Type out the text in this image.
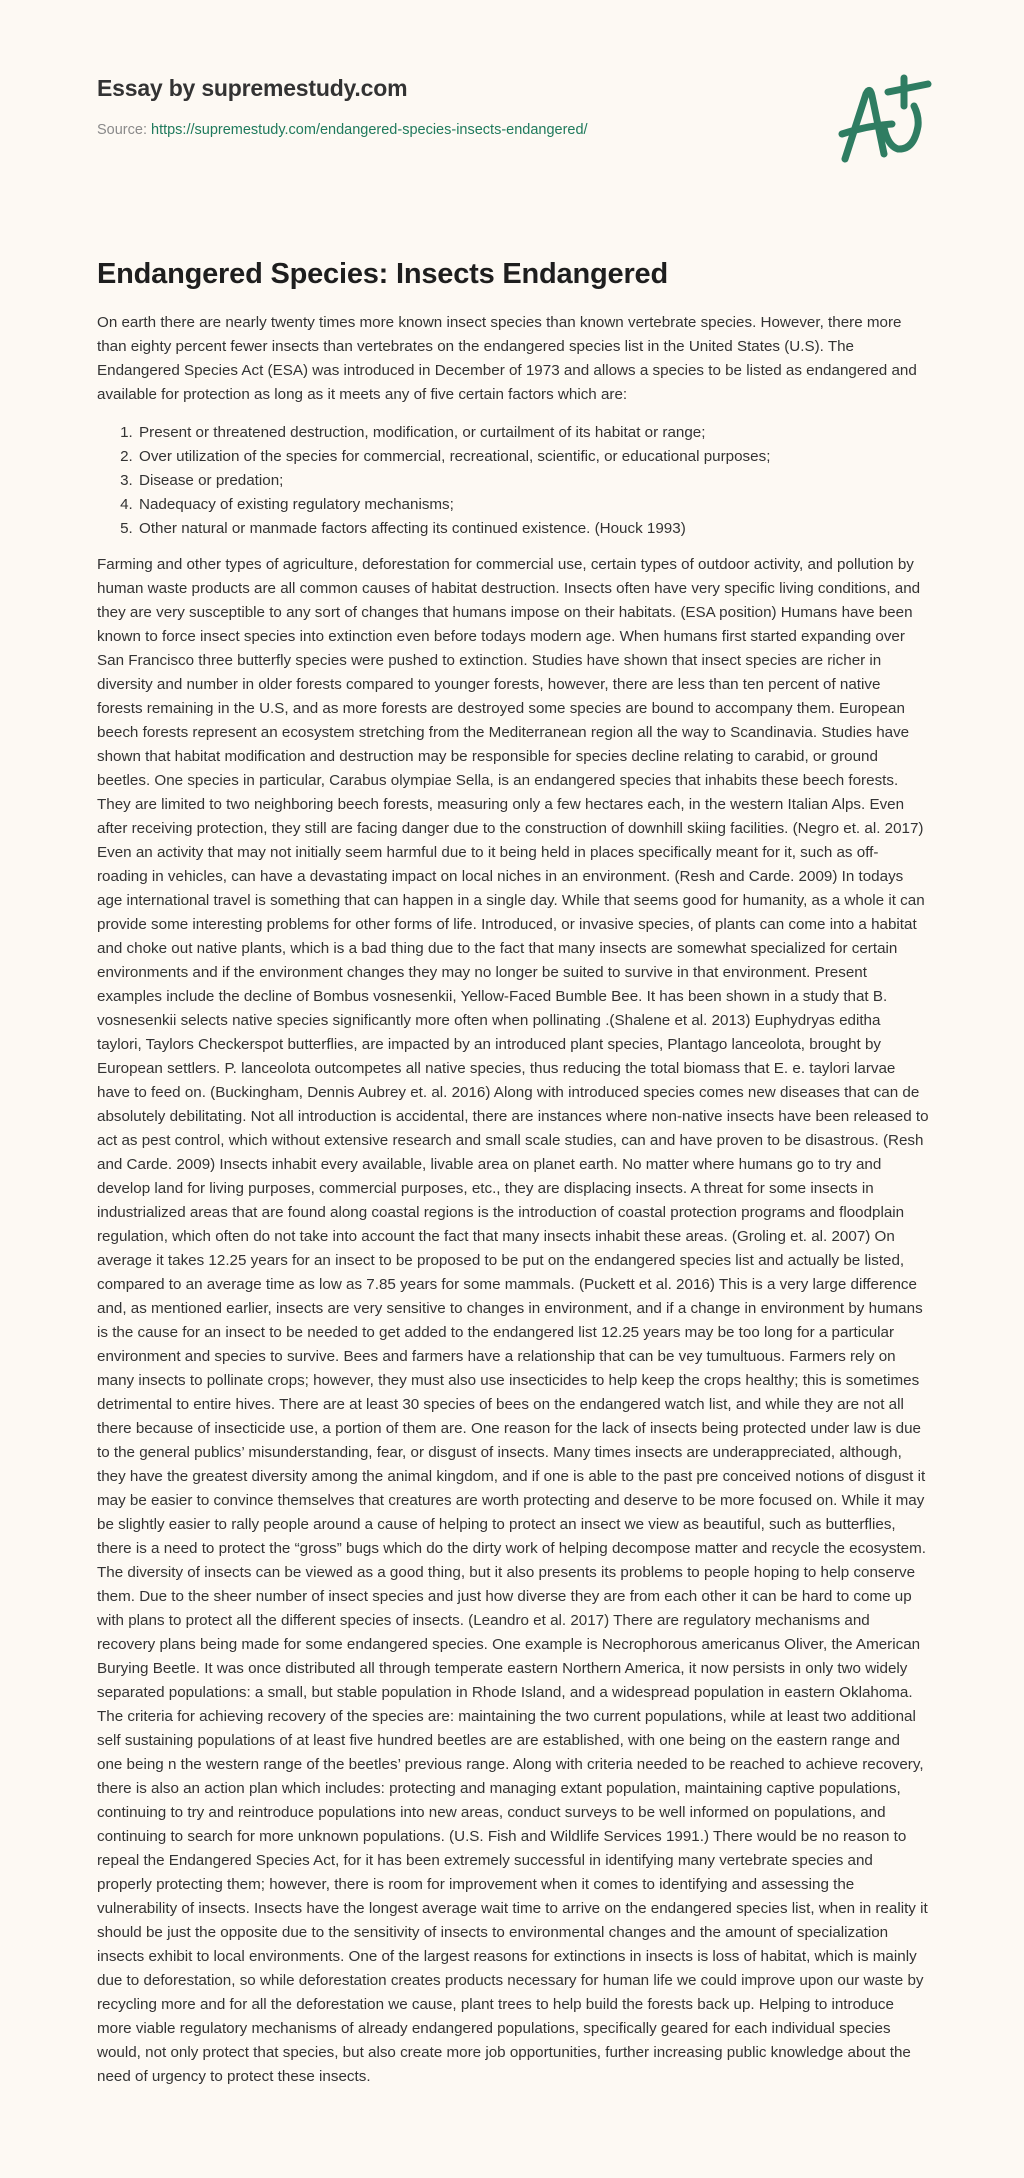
Essay by supremestudy.com
Source: https://supremestudy.com/endangered-species-insects-endangered/
Endangered Species: Insects Endangered

On earth there are nearly twenty times more known insect species than known vertebrate species. However, there more than eighty percent fewer insects than vertebrates on the endangered species list in the United States (U.S). The Endangered Species Act (ESA) was introduced in December of 1973 and allows a species to be listed as endangered and available for protection as long as it meets any of five certain factors which are:

1. Present or threatened destruction, modification, or curtailment of its habitat or range;
2. Over utilization of the species for commercial, recreational, scientific, or educational purposes;
3. Disease or predation;
4. Nadequacy of existing regulatory mechanisms;
5. Other natural or manmade factors affecting its continued existence. (Houck 1993)

Farming and other types of agriculture, deforestation for commercial use, certain types of outdoor activity, and pollution by human waste products are all common causes of habitat destruction. Insects often have very specific living conditions, and they are very susceptible to any sort of changes that humans impose on their habitats. (ESA position) Humans have been known to force insect species into extinction even before todays modern age. When humans first started expanding over San Francisco three butterfly species were pushed to extinction. Studies have shown that insect species are richer in diversity and number in older forests compared to younger forests, however, there are less than ten percent of native forests remaining in the U.S, and as more forests are destroyed some species are bound to accompany them. European beech forests represent an ecosystem stretching from the Mediterranean region all the way to Scandinavia. Studies have shown that habitat modification and destruction may be responsible for species decline relating to carabid, or ground beetles. One species in particular, Carabus olympiae Sella, is an endangered species that inhabits these beech forests. They are limited to two neighboring beech forests, measuring only a few hectares each, in the western Italian Alps. Even after receiving protection, they still are facing danger due to the construction of downhill skiing facilities. (Negro et. al. 2017) Even an activity that may not initially seem harmful due to it being held in places specifically meant for it, such as off-roading in vehicles, can have a devastating impact on local niches in an environment. (Resh and Carde. 2009) In todays age international travel is something that can happen in a single day. While that seems good for humanity, as a whole it can provide some interesting problems for other forms of life. Introduced, or invasive species, of plants can come into a habitat and choke out native plants, which is a bad thing due to the fact that many insects are somewhat specialized for certain environments and if the environment changes they may no longer be suited to survive in that environment. Present examples include the decline of Bombus vosnesenkii, Yellow-Faced Bumble Bee. It has been shown in a study that B. vosnesenkii selects native species significantly more often when pollinating .(Shalene et al. 2013) Euphydryas editha taylori, Taylors Checkerspot butterflies, are impacted by an introduced plant species, Plantago lanceolota, brought by European settlers. P. lanceolota outcompetes all native species, thus reducing the total biomass that E. e. taylori larvae have to feed on. (Buckingham, Dennis Aubrey et. al. 2016) Along with introduced species comes new diseases that can de absolutely debilitating. Not all introduction is accidental, there are instances where non-native insects have been released to act as pest control, which without extensive research and small scale studies, can and have proven to be disastrous. (Resh and Carde. 2009) Insects inhabit every available, livable area on planet earth. No matter where humans go to try and develop land for living purposes, commercial purposes, etc., they are displacing insects. A threat for some insects in industrialized areas that are found along coastal regions is the introduction of coastal protection programs and floodplain regulation, which often do not take into account the fact that many insects inhabit these areas. (Groling et. al. 2007) On average it takes 12.25 years for an insect to be proposed to be put on the endangered species list and actually be listed, compared to an average time as low as 7.85 years for some mammals. (Puckett et al. 2016) This is a very large difference and, as mentioned earlier, insects are very sensitive to changes in environment, and if a change in environment by humans is the cause for an insect to be needed to get added to the endangered list 12.25 years may be too long for a particular environment and species to survive. Bees and farmers have a relationship that can be vey tumultuous. Farmers rely on many insects to pollinate crops; however, they must also use insecticides to help keep the crops healthy; this is sometimes detrimental to entire hives. There are at least 30 species of bees on the endangered watch list, and while they are not all there because of insecticide use, a portion of them are. One reason for the lack of insects being protected under law is due to the general publics’ misunderstanding, fear, or disgust of insects. Many times insects are underappreciated, although, they have the greatest diversity among the animal kingdom, and if one is able to the past pre conceived notions of disgust it may be easier to convince themselves that creatures are worth protecting and deserve to be more focused on. While it may be slightly easier to rally people around a cause of helping to protect an insect we view as beautiful, such as butterflies, there is a need to protect the “gross” bugs which do the dirty work of helping decompose matter and recycle the ecosystem. The diversity of insects can be viewed as a good thing, but it also presents its problems to people hoping to help conserve them. Due to the sheer number of insect species and just how diverse they are from each other it can be hard to come up with plans to protect all the different species of insects. (Leandro et al. 2017) There are regulatory mechanisms and recovery plans being made for some endangered species. One example is Necrophorous americanus Oliver, the American Burying Beetle. It was once distributed all through temperate eastern Northern America, it now persists in only two widely separated populations: a small, but stable population in Rhode Island, and a widespread population in eastern Oklahoma. The criteria for achieving recovery of the species are: maintaining the two current populations, while at least two additional self sustaining populations of at least five hundred beetles are are established, with one being on the eastern range and one being n the western range of the beetles’ previous range. Along with criteria needed to be reached to achieve recovery, there is also an action plan which includes: protecting and managing extant population, maintaining captive populations, continuing to try and reintroduce populations into new areas, conduct surveys to be well informed on populations, and continuing to search for more unknown populations. (U.S. Fish and Wildlife Services 1991.) There would be no reason to repeal the Endangered Species Act, for it has been extremely successful in identifying many vertebrate species and properly protecting them; however, there is room for improvement when it comes to identifying and assessing the vulnerability of insects. Insects have the longest average wait time to arrive on the endangered species list, when in reality it should be just the opposite due to the sensitivity of insects to environmental changes and the amount of specialization insects exhibit to local environments. One of the largest reasons for extinctions in insects is loss of habitat, which is mainly due to deforestation, so while deforestation creates products necessary for human life we could improve upon our waste by recycling more and for all the deforestation we cause, plant trees to help build the forests back up. Helping to introduce more viable regulatory mechanisms of already endangered populations, specifically geared for each individual species would, not only protect that species, but also create more job opportunities, further increasing public knowledge about the need of urgency to protect these insects.
